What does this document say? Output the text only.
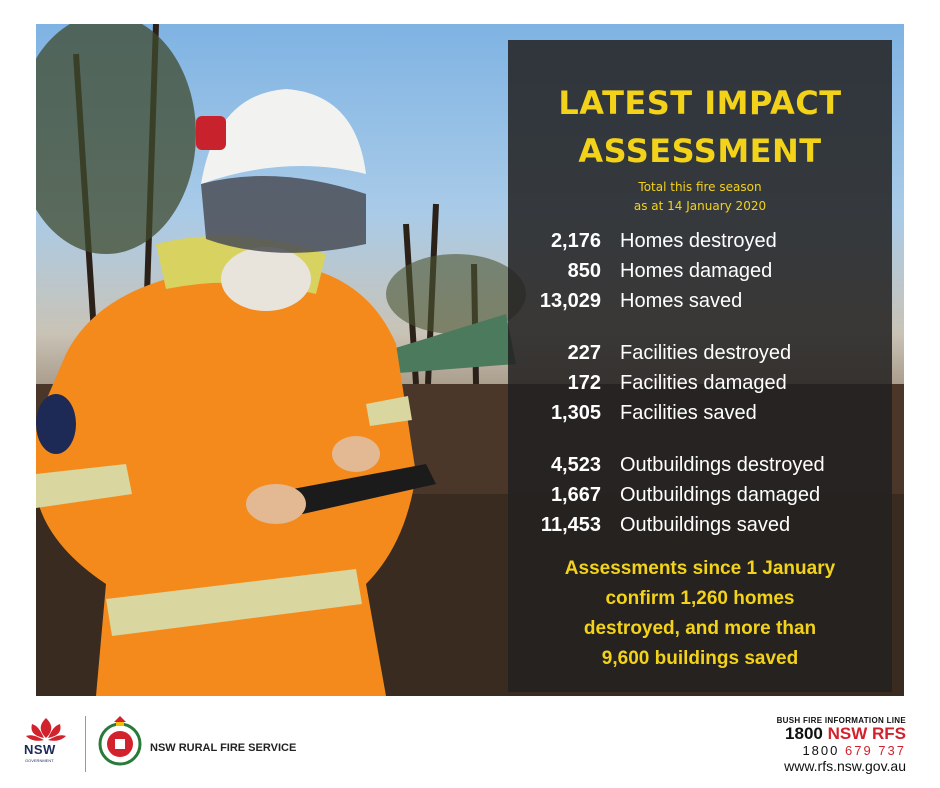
LATEST IMPACT
ASSESSMENT
Total this fire season
as at 14 January 2020
2,176 Homes destroyed
850 Homes damaged
13,029 Homes saved
227 Facilities destroyed
172 Facilities damaged
1,305 Facilities saved
4,523 Outbuildings destroyed
1,667 Outbuildings damaged
11,453 Outbuildings saved
Assessments since 1 January
confirm 1,260 homes
destroyed, and more than
9,600 buildings saved
NSW
GOVERNMENT
NSW RURAL FIRE SERVICE
BUSH FIRE INFORMATION LINE
1800 NSW RFS
1800 679 737
www.rfs.nsw.gov.au
